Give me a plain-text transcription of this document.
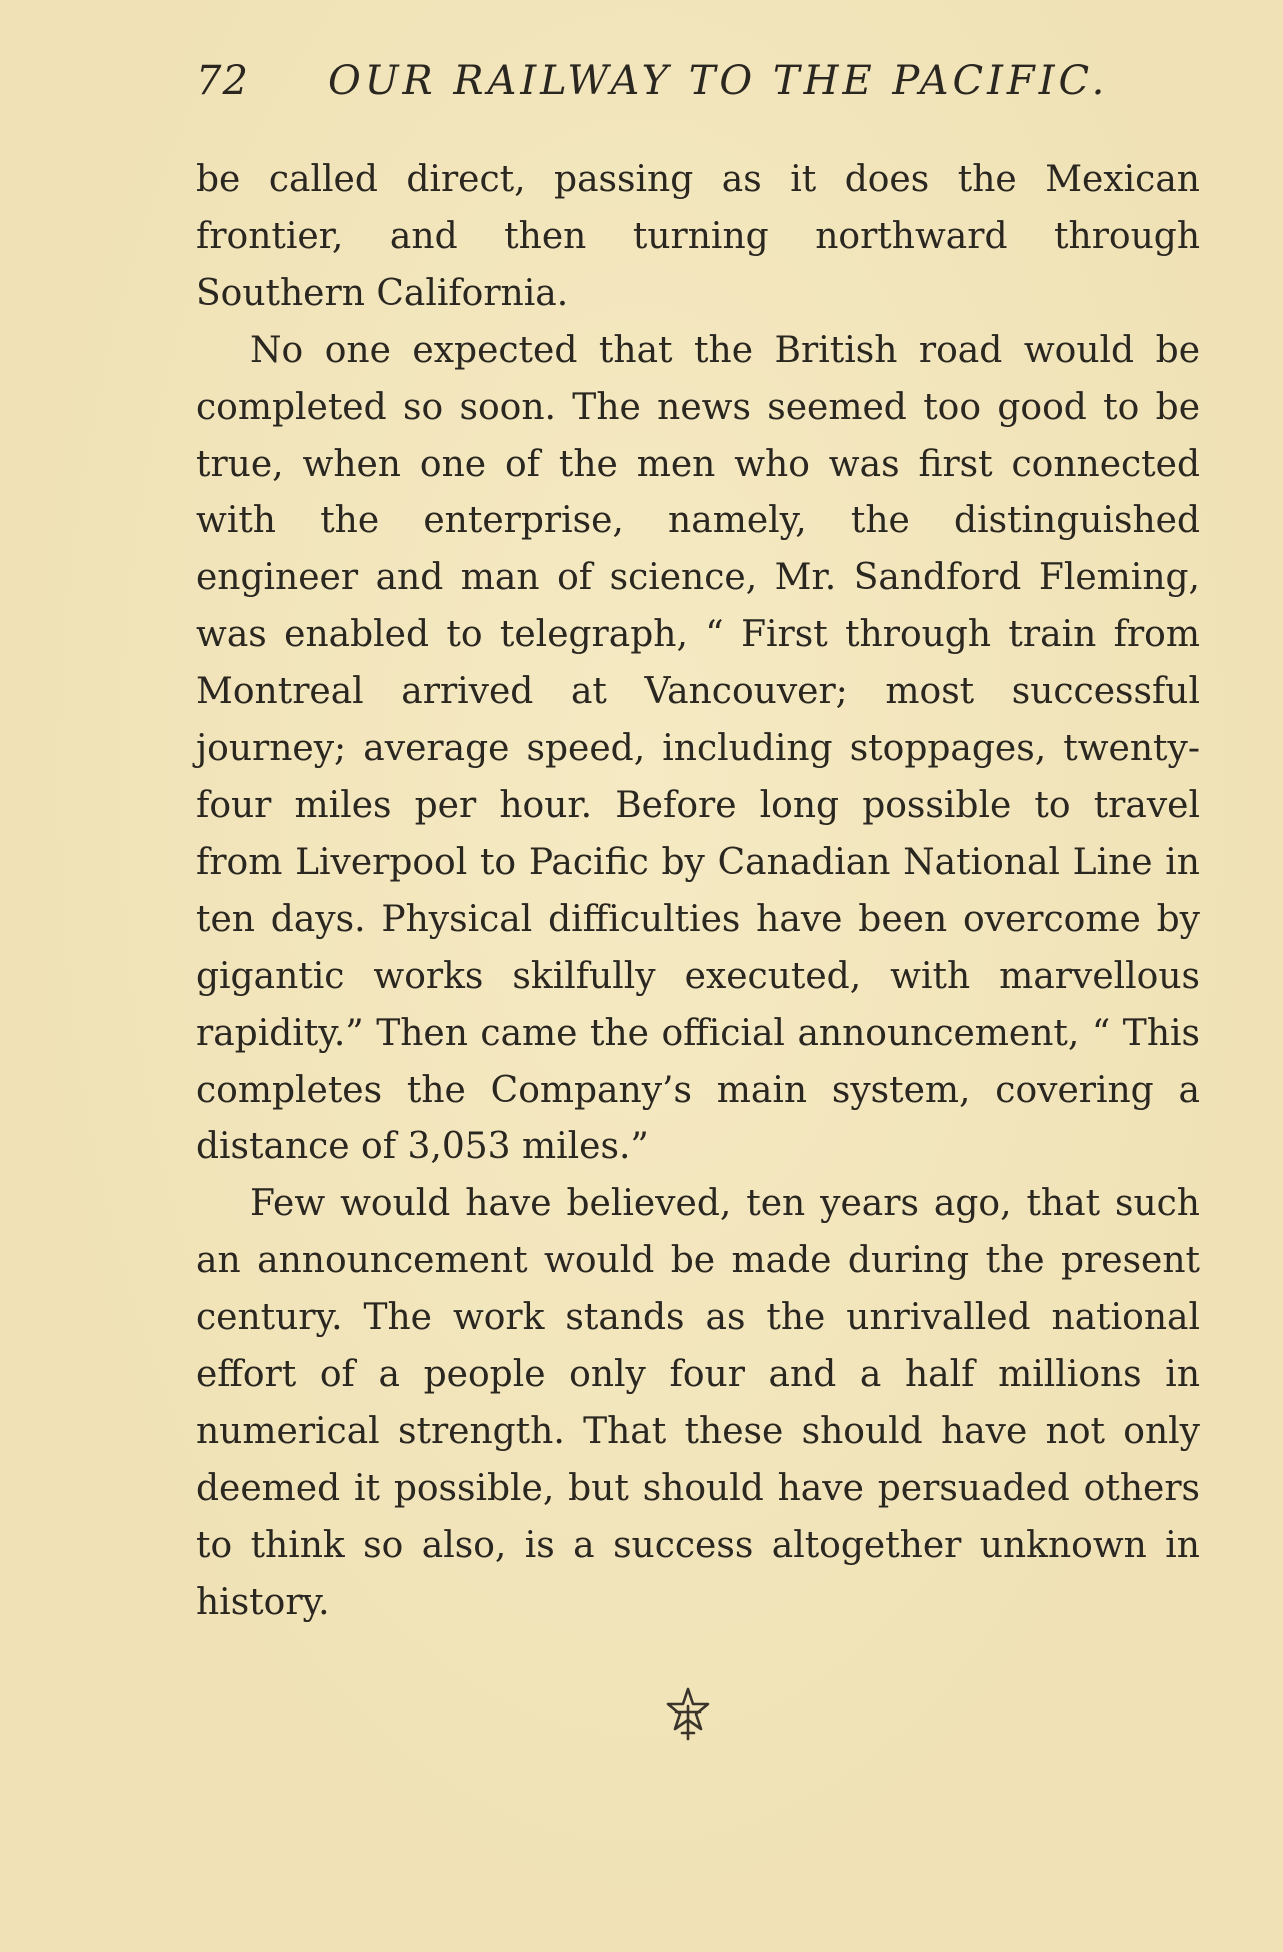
72 OUR RAILWAY TO THE PACIFIC.

be called direct, passing as it does the Mexican frontier, and then turning northward through Southern California.

No one expected that the British road would be completed so soon. The news seemed too good to be true, when one of the men who was first connected with the enterprise, namely, the distinguished engineer and man of science, Mr. Sandford Fleming, was enabled to telegraph, “ First through train from Montreal arrived at Vancouver; most successful journey; average speed, including stoppages, twenty-four miles per hour. Before long possible to travel from Liverpool to Pacific by Canadian National Line in ten days. Physical difficulties have been overcome by gigantic works skilfully executed, with marvellous rapidity.” Then came the official announcement, “ This completes the Company’s main system, covering a distance of 3,053 miles.”

Few would have believed, ten years ago, that such an announcement would be made during the present century. The work stands as the unrivalled national effort of a people only four and a half millions in numerical strength. That these should have not only deemed it possible, but should have persuaded others to think so also, is a success altogether unknown in history.
